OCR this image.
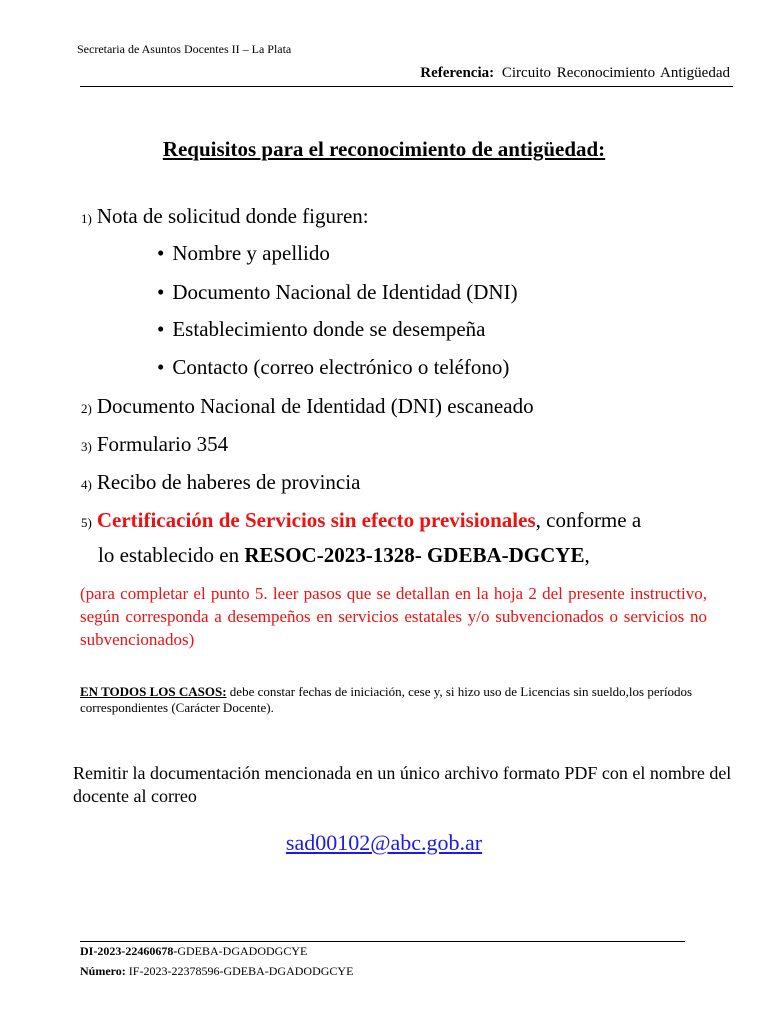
Secretaria de Asuntos Docentes II – La Plata
Referencia: Circuito Reconocimiento Antigüedad
Requisitos para el reconocimiento de antigüedad:
1) Nota de solicitud donde figuren:
• Nombre y apellido
• Documento Nacional de Identidad (DNI)
• Establecimiento donde se desempeña
• Contacto (correo electrónico o teléfono)
2) Documento Nacional de Identidad (DNI) escaneado
3) Formulario 354
4) Recibo de haberes de provincia
5) Certificación de Servicios sin efecto previsionales, conforme a
lo establecido en RESOC-2023-1328- GDEBA-DGCYE,
(para completar el punto 5. leer pasos que se detallan en la hoja 2 del presente instructivo, según corresponda a desempeños en servicios estatales y/o subvencionados o servicios no subvencionados)
EN TODOS LOS CASOS: debe constar fechas de iniciación, cese y, si hizo uso de Licencias sin sueldo,los períodos correspondientes (Carácter Docente).
Remitir la documentación mencionada en un único archivo formato PDF con el nombre del docente al correo
sad00102@abc.gob.ar
DI-2023-22460678-GDEBA-DGADODGCYE
Número: IF-2023-22378596-GDEBA-DGADODGCYE
